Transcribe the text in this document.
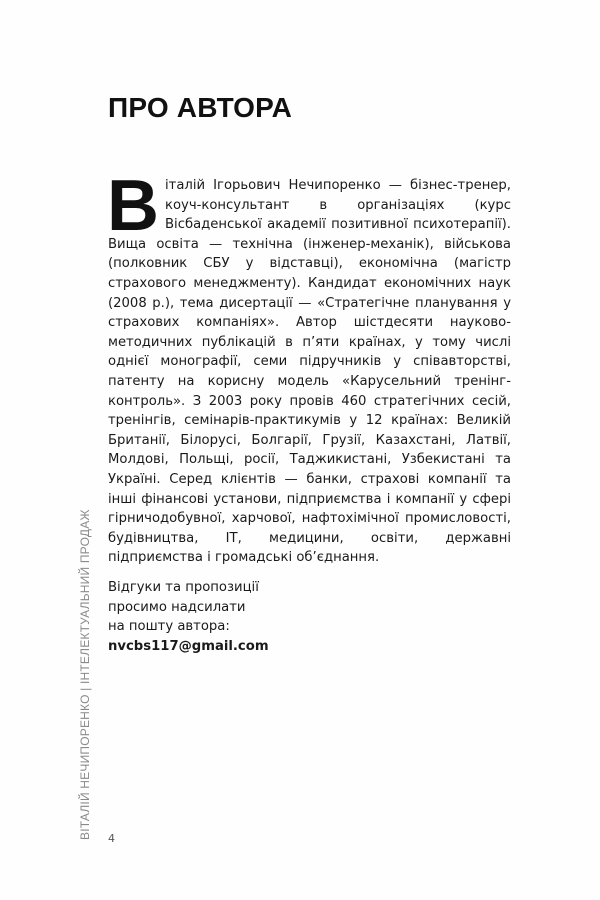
ПРО АВТОРА

Віталій Ігорьович Нечипоренко — бізнес-тренер, коуч-консультант в організаціях (курс Вісбаденської академії позитивної психотерапії). Вища освіта — технічна (інженер-механік), військова (полковник СБУ у відставці), економічна (магістр страхового менеджменту). Кандидат економічних наук (2008 р.), тема дисертації — «Стратегічне планування у страхових компаніях». Автор шістдесяти науково-методичних публікацій в п’яти країнах, у тому числі однієї монографії, семи підручників у співавторстві, патенту на корисну модель «Карусельний тренінг-контроль». З 2003 року провів 460 стратегічних сесій, тренінгів, семінарів-практикумів у 12 країнах: Великій Британії, Білорусі, Болгарії, Грузії, Казахстані, Латвії, Молдові, Польщі, росії, Таджикистані, Узбекистані та Україні. Серед клієнтів — банки, страхові компанії та інші фінансові установи, підприємства і компанії у сфері гірничодобувної, харчової, нафтохімічної промисловості, будівництва, ІТ, медицини, освіти, державні підприємства і громадські об’єднання.

Відгуки та пропозиції
просимо надсилати
на пошту автора:
nvcbs117@gmail.com
ВІТАЛІЙ НЕЧИПОРЕНКО | ІНТЕЛЕКТУАЛЬНИЙ ПРОДАЖ 4
